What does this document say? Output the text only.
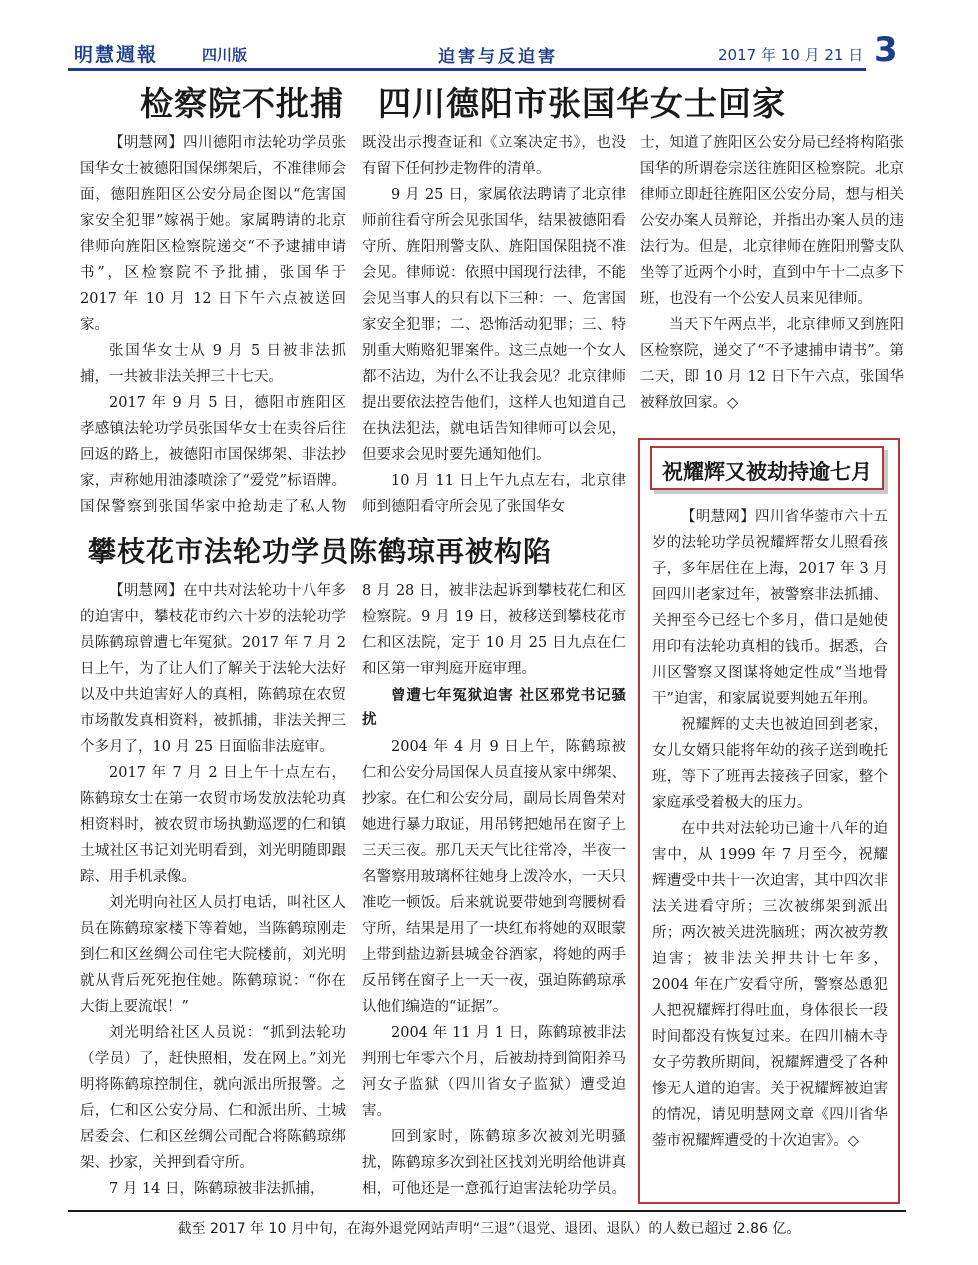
明慧週報	四川版	迫害与反迫害	2017 年 10 月 21 日 3
检察院不批捕　四川德阳市张国华女士回家

【明慧网】四川德阳市法轮功学员张国华女士被德阳国保绑架后，不准律师会面，德阳旌阳区公安分局企图以“危害国家安全犯罪”嫁祸于她。家属聘请的北京律师向旌阳区检察院递交“不予逮捕申请书”，区检察院不予批捕，张国华于 2017 年 10 月 12 日下午六点被送回家。

张国华女士从 9 月 5 日被非法抓捕，一共被非法关押三十七天。

2017 年 9 月 5 日，德阳市旌阳区孝感镇法轮功学员张国华女士在卖谷后往回返的路上，被德阳市国保绑架、非法抄家，声称她用油漆喷涂了“爱党”标语牌。国保警察到张国华家中抢劫走了私人物

既没出示搜查证和《立案决定书》，也没有留下任何抄走物件的清单。

9 月 25 日，家属依法聘请了北京律师前往看守所会见张国华，结果被德阳看守所、旌阳刑警支队、旌阳国保阻挠不准会见。律师说：依照中国现行法律，不能会见当事人的只有以下三种：一、危害国家安全犯罪；二、恐怖活动犯罪；三、特别重大贿赂犯罪案件。这三点她一个女人都不沾边，为什么不让我会见？北京律师提出要依法控告他们，这样人也知道自己在执法犯法，就电话告知律师可以会见，但要求会见时要先通知他们。

10 月 11 日上午九点左右，北京律师到德阳看守所会见了张国华女

士，知道了旌阳区公安分局已经将构陷张国华的所谓卷宗送往旌阳区检察院。北京律师立即赶往旌阳区公安分局，想与相关公安办案人员辩论，并指出办案人员的违法行为。但是，北京律师在旌阳刑警支队坐等了近两个小时，直到中午十二点多下班，也没有一个公安人员来见律师。

当天下午两点半，北京律师又到旌阳区检察院，递交了“不予逮捕申请书”。第二天，即 10 月 12 日下午六点，张国华被释放回家。◇

攀枝花市法轮功学员陈鹤琼再被构陷

【明慧网】在中共对法轮功十八年多的迫害中，攀枝花市约六十岁的法轮功学员陈鹤琼曾遭七年冤狱。2017 年 7 月 2 日上午，为了让人们了解关于法轮大法好以及中共迫害好人的真相，陈鹤琼在农贸市场散发真相资料，被抓捕，非法关押三个多月了，10 月 25 日面临非法庭审。

2017 年 7 月 2 日上午十点左右，陈鹤琼女士在第一农贸市场发放法轮功真相资料时，被农贸市场执勤巡逻的仁和镇土城社区书记刘光明看到，刘光明随即跟踪、用手机录像。

刘光明向社区人员打电话，叫社区人员在陈鹤琼家楼下等着她，当陈鹤琼刚走到仁和区丝绸公司住宅大院楼前，刘光明就从背后死死抱住她。陈鹤琼说：“你在大街上要流氓！”

刘光明给社区人员说：“抓到法轮功（学员）了，赶快照相，发在网上。”刘光明将陈鹤琼控制住，就向派出所报警。之后，仁和区公安分局、仁和派出所、土城居委会、仁和区丝绸公司配合将陈鹤琼绑架、抄家，关押到看守所。

7 月 14 日，陈鹤琼被非法抓捕，

8 月 28 日，被非法起诉到攀枝花仁和区检察院。9 月 19 日，被移送到攀枝花市仁和区法院，定于 10 月 25 日九点在仁和区第一审判庭开庭审理。

曾遭七年冤狱迫害 社区邪党书记骚扰

2004 年 4 月 9 日上午，陈鹤琼被仁和公安分局国保人员直接从家中绑架、抄家。在仁和公安分局，副局长周鲁荣对她进行暴力取证，用吊铐把她吊在窗子上三天三夜。那几天天气比往常冷，半夜一名警察用玻璃杯往她身上泼冷水，一天只准吃一顿饭。后来就说要带她到弯腰树看守所，结果是用了一块红布将她的双眼蒙上带到盐边新县城金谷酒家，将她的两手反吊铐在窗子上一天一夜，强迫陈鹤琼承认他们编造的“证据”。

2004 年 11 月 1 日，陈鹤琼被非法判刑七年零六个月，后被劫持到简阳养马河女子监狱（四川省女子监狱）遭受迫害。

回到家时，陈鹤琼多次被刘光明骚扰，陈鹤琼多次到社区找刘光明给他讲真相，可他还是一意孤行迫害法轮功学员。

祝耀辉又被劫持逾七月

【明慧网】四川省华蓥市六十五岁的法轮功学员祝耀辉帮女儿照看孩子，多年居住在上海，2017 年 3 月回四川老家过年，被警察非法抓捕、关押至今已经七个多月，借口是她使用印有法轮功真相的钱币。据悉，合川区警察又图谋将她定性成“当地骨干”迫害，和家属说要判她五年刑。

祝耀辉的丈夫也被迫回到老家，女儿女婿只能将年幼的孩子送到晚托班，等下了班再去接孩子回家，整个家庭承受着极大的压力。

在中共对法轮功已逾十八年的迫害中，从 1999 年 7 月至今，祝耀辉遭受中共十一次迫害，其中四次非法关进看守所；三次被绑架到派出所；两次被关进洗脑班；两次被劳教迫害；被非法关押共计七年多，2004 年在广安看守所，警察怂恿犯人把祝耀辉打得吐血，身体很长一段时间都没有恢复过来。在四川楠木寺女子劳教所期间，祝耀辉遭受了各种惨无人道的迫害。关于祝耀辉被迫害的情况，请见明慧网文章《四川省华蓥市祝耀辉遭受的十次迫害》。◇

截至 2017 年 10 月中旬，在海外退党网站声明“三退”（退党、退团、退队）的人数已超过 2.86 亿。
